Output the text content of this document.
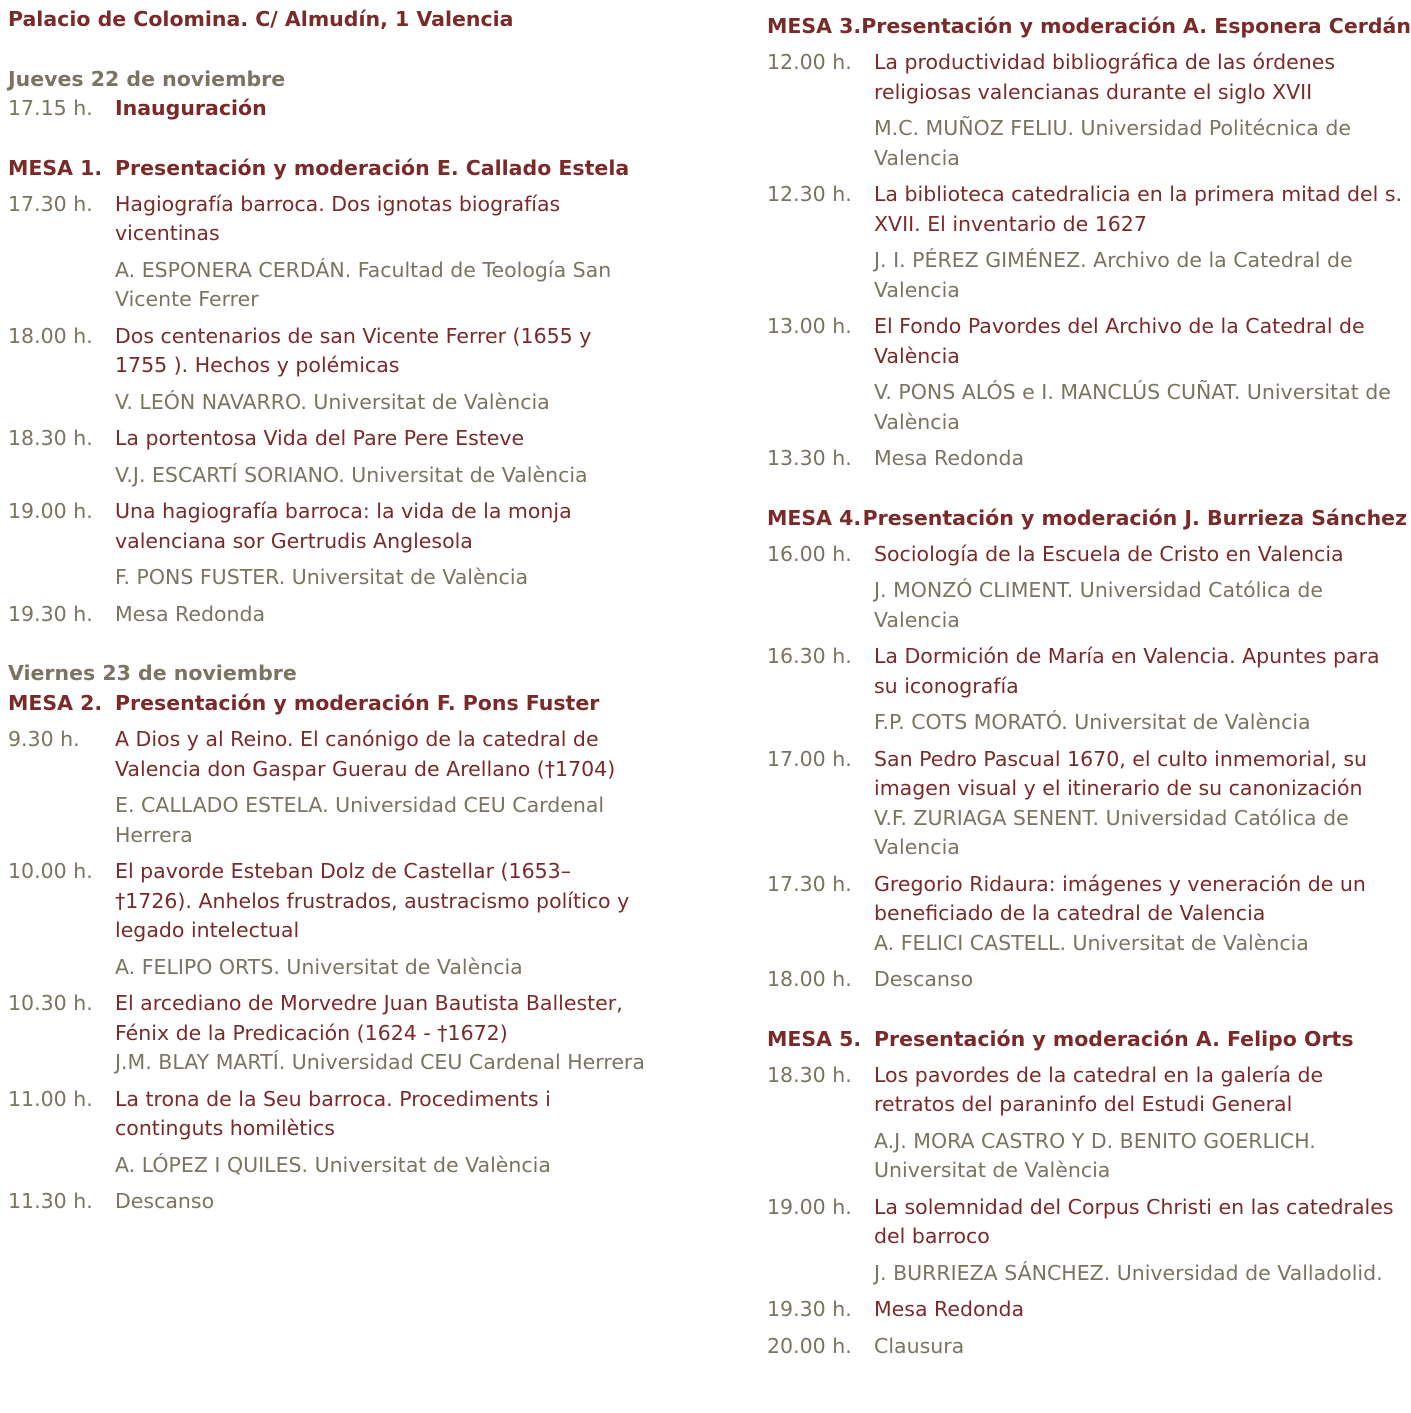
Palacio de Colomina. C/ Almudín, 1 Valencia
Jueves 22 de noviembre
17.15 h.	Inauguración
MESA 1. Presentación y moderación E. Callado Estela
17.30 h.	Hagiografía barroca. Dos ignotas biografías vicentinas
A. ESPONERA CERDÁN. Facultad de Teología San Vicente Ferrer
18.00 h.	Dos centenarios de san Vicente Ferrer (1655 y 1755 ). Hechos y polémicas
V. LEÓN NAVARRO. Universitat de València
18.30 h.	La portentosa Vida del Pare Pere Esteve
V.J. ESCARTÍ SORIANO. Universitat de València
19.00 h.	Una hagiografía barroca: la vida de la monja valenciana sor Gertrudis Anglesola
F. PONS FUSTER. Universitat de València
19.30 h.	Mesa Redonda
Viernes 23 de noviembre
MESA 2. Presentación y moderación F. Pons Fuster
9.30 h.	A Dios y al Reino. El canónigo de la catedral de Valencia don Gaspar Guerau de Arellano (†1704)
E. CALLADO ESTELA. Universidad CEU Cardenal Herrera
10.00 h.	El pavorde Esteban Dolz de Castellar (1653– †1726). Anhelos frustrados, austracismo político y legado intelectual
A. FELIPO ORTS. Universitat de València
10.30 h.	El arcediano de Morvedre Juan Bautista Ballester, Fénix de la Predicación (1624 - †1672)
J.M. BLAY MARTÍ. Universidad CEU Cardenal Herrera
11.00 h.	La trona de la Seu barroca. Procediments i continguts homilètics
A. LÓPEZ I QUILES. Universitat de València
11.30 h.	Descanso
MESA 3. Presentación y moderación A. Esponera Cerdán
12.00 h.	La productividad bibliográfica de las órdenes religiosas valencianas durante el siglo XVII
M.C. MUÑOZ FELIU. Universidad Politécnica de Valencia
12.30 h.	La biblioteca catedralicia en la primera mitad del s. XVII. El inventario de 1627
J. I. PÉREZ GIMÉNEZ. Archivo de la Catedral de Valencia
13.00 h.	El Fondo Pavordes del Archivo de la Catedral de València
V. PONS ALÓS e I. MANCLÚS CUÑAT. Universitat de València
13.30 h.	Mesa Redonda
MESA 4. Presentación y moderación J. Burrieza Sánchez
16.00 h.	Sociología de la Escuela de Cristo en Valencia
J. MONZÓ CLIMENT. Universidad Católica de Valencia
16.30 h.	La Dormición de María en Valencia. Apuntes para su iconografía
F.P. COTS MORATÓ. Universitat de València
17.00 h.	San Pedro Pascual 1670, el culto inmemorial, su imagen visual y el itinerario de su canonización
V.F. ZURIAGA SENENT. Universidad Católica de Valencia
17.30 h.	Gregorio Ridaura: imágenes y veneración de un beneficiado de la catedral de Valencia
A. FELICI CASTELL. Universitat de València
18.00 h.	Descanso
MESA 5. Presentación y moderación A. Felipo Orts
18.30 h.	Los pavordes de la catedral en la galería de retratos del paraninfo del Estudi General
A.J. MORA CASTRO Y D. BENITO GOERLICH. Universitat de València
19.00 h.	La solemnidad del Corpus Christi en las catedrales del barroco
J. BURRIEZA SÁNCHEZ. Universidad de Valladolid.
19.30 h.	Mesa Redonda
20.00 h.	Clausura
